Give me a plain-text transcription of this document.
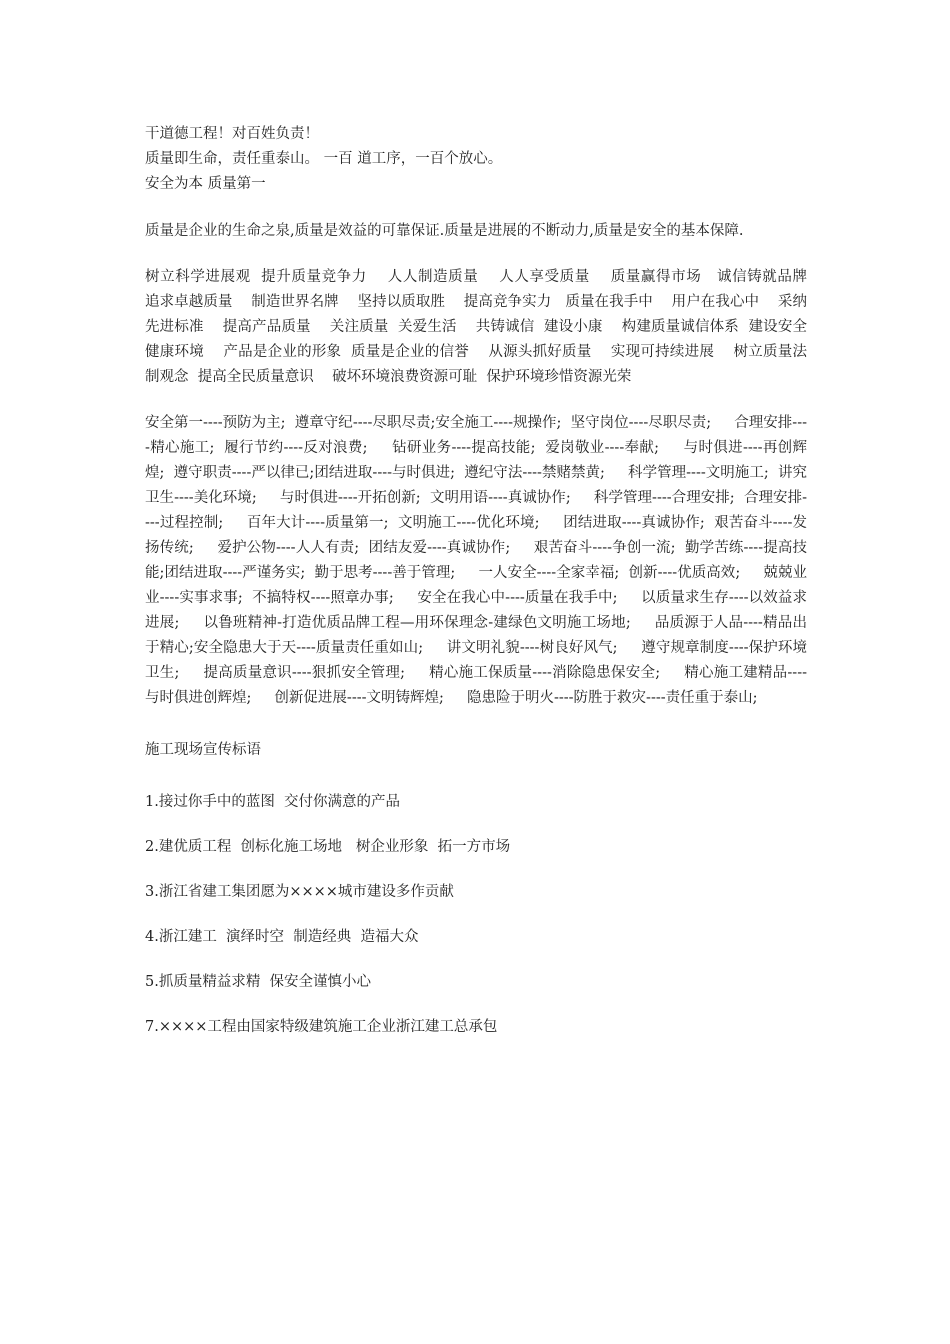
干道德工程！对百姓负责！

质量即生命，责任重泰山。 一百 道工序，一百个放心。

安全为本 质量第一

质量是企业的生命之泉,质量是效益的可靠保证.质量是进展的不断动力,质量是安全的基本保障.

树立科学进展观  提升质量竞争力    人人制造质量    人人享受质量    质量赢得市场   诚信铸就品牌    追求卓越质量    制造世界名牌    坚持以质取胜    提高竞争实力   质量在我手中    用户在我心中    采纳先进标准    提高产品质量    关注质量  关爱生活    共铸诚信  建设小康    构建质量诚信体系  建设安全健康环境    产品是企业的形象  质量是企业的信誉    从源头抓好质量    实现可持续进展    树立质量法制观念  提高全民质量意识    破坏环境浪费资源可耻  保护环境珍惜资源光荣

安全第一----预防为主;  遵章守纪----尽职尽责;安全施工----规操作;  坚守岗位----尽职尽责;     合理安排----精心施工;  履行节约----反对浪费;     钻研业务----提高技能;  爱岗敬业----奉献;     与时俱进----再创辉煌;  遵守职责----严以律已;团结进取----与时俱进;  遵纪守法----禁赌禁黄;     科学管理----文明施工;  讲究卫生----美化环境;     与时俱进----开拓创新;  文明用语----真诚协作;     科学管理----合理安排;  合理安排----过程控制;     百年大计----质量第一;  文明施工----优化环境;     团结进取----真诚协作;  艰苦奋斗----发扬传统;     爱护公物----人人有责;  团结友爱----真诚协作;     艰苦奋斗----争创一流;  勤学苦练----提高技能;团结进取----严谨务实;  勤于思考----善于管理;     一人安全----全家幸福;  创新----优质高效;     兢兢业业----实事求事;  不搞特权----照章办事;     安全在我心中----质量在我手中;     以质量求生存----以效益求进展;     以鲁班精神-打造优质品牌工程—用环保理念-建绿色文明施工场地;     品质源于人品----精品出于精心;安全隐患大于天----质量责任重如山;     讲文明礼貌----树良好风气;     遵守规章制度----保护环境卫生;     提高质量意识----狠抓安全管理;     精心施工保质量----消除隐患保安全;     精心施工建精品----与时俱进创辉煌;     创新促进展----文明铸辉煌;     隐患险于明火----防胜于救灾----责任重于泰山;

施工现场宣传标语

1.接过你手中的蓝图  交付你满意的产品

2.建优质工程  创标化施工场地   树企业形象  拓一方市场

3.浙江省建工集团愿为××××城市建设多作贡献

4.浙江建工  演绎时空  制造经典  造福大众

5.抓质量精益求精  保安全谨慎小心

7.××××工程由国家特级建筑施工企业浙江建工总承包
